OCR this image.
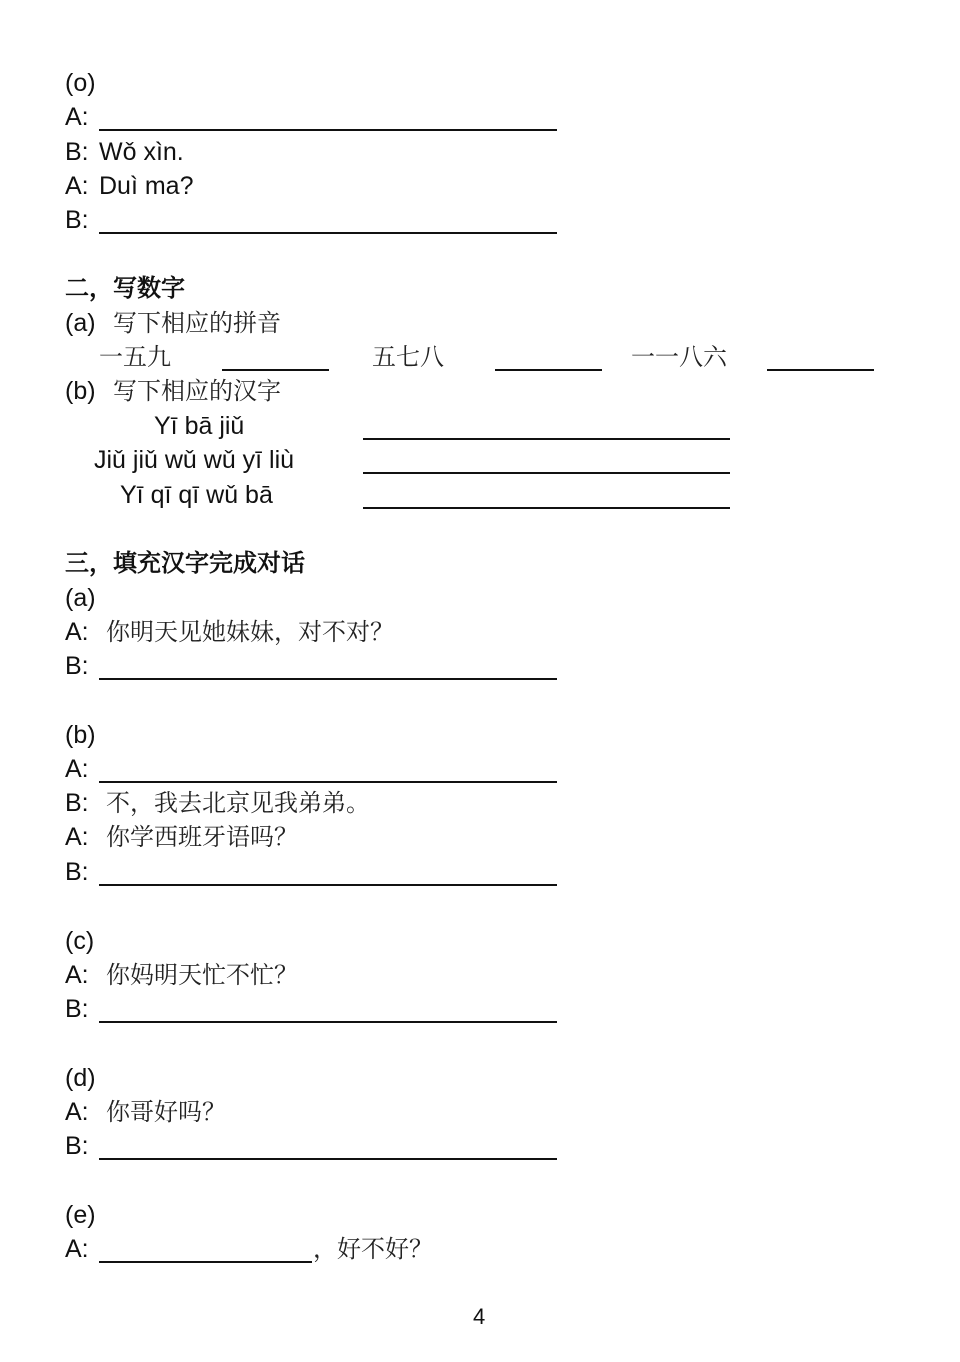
(o)
A:
B: Wǒ xìn.
A: Duì ma?
B:
二，写数字
(a) 写下相应的拼音
一五九	五七八	一一八六
(b) 写下相应的汉字
Yī bā jiǔ
Jiǔ jiǔ wǔ wǔ yī liù
Yī qī qī wǔ bā
三，填充汉字完成对话
(a)
A: 你明天见她妹妹，对不对？
B:
(b)
A:
B: 不，我去北京见我弟弟。
A: 你学西班牙语吗？
B:
(c)
A: 你妈明天忙不忙？
B:
(d)
A: 你哥好吗？
B:
(e)
A:	，好不好？
4
